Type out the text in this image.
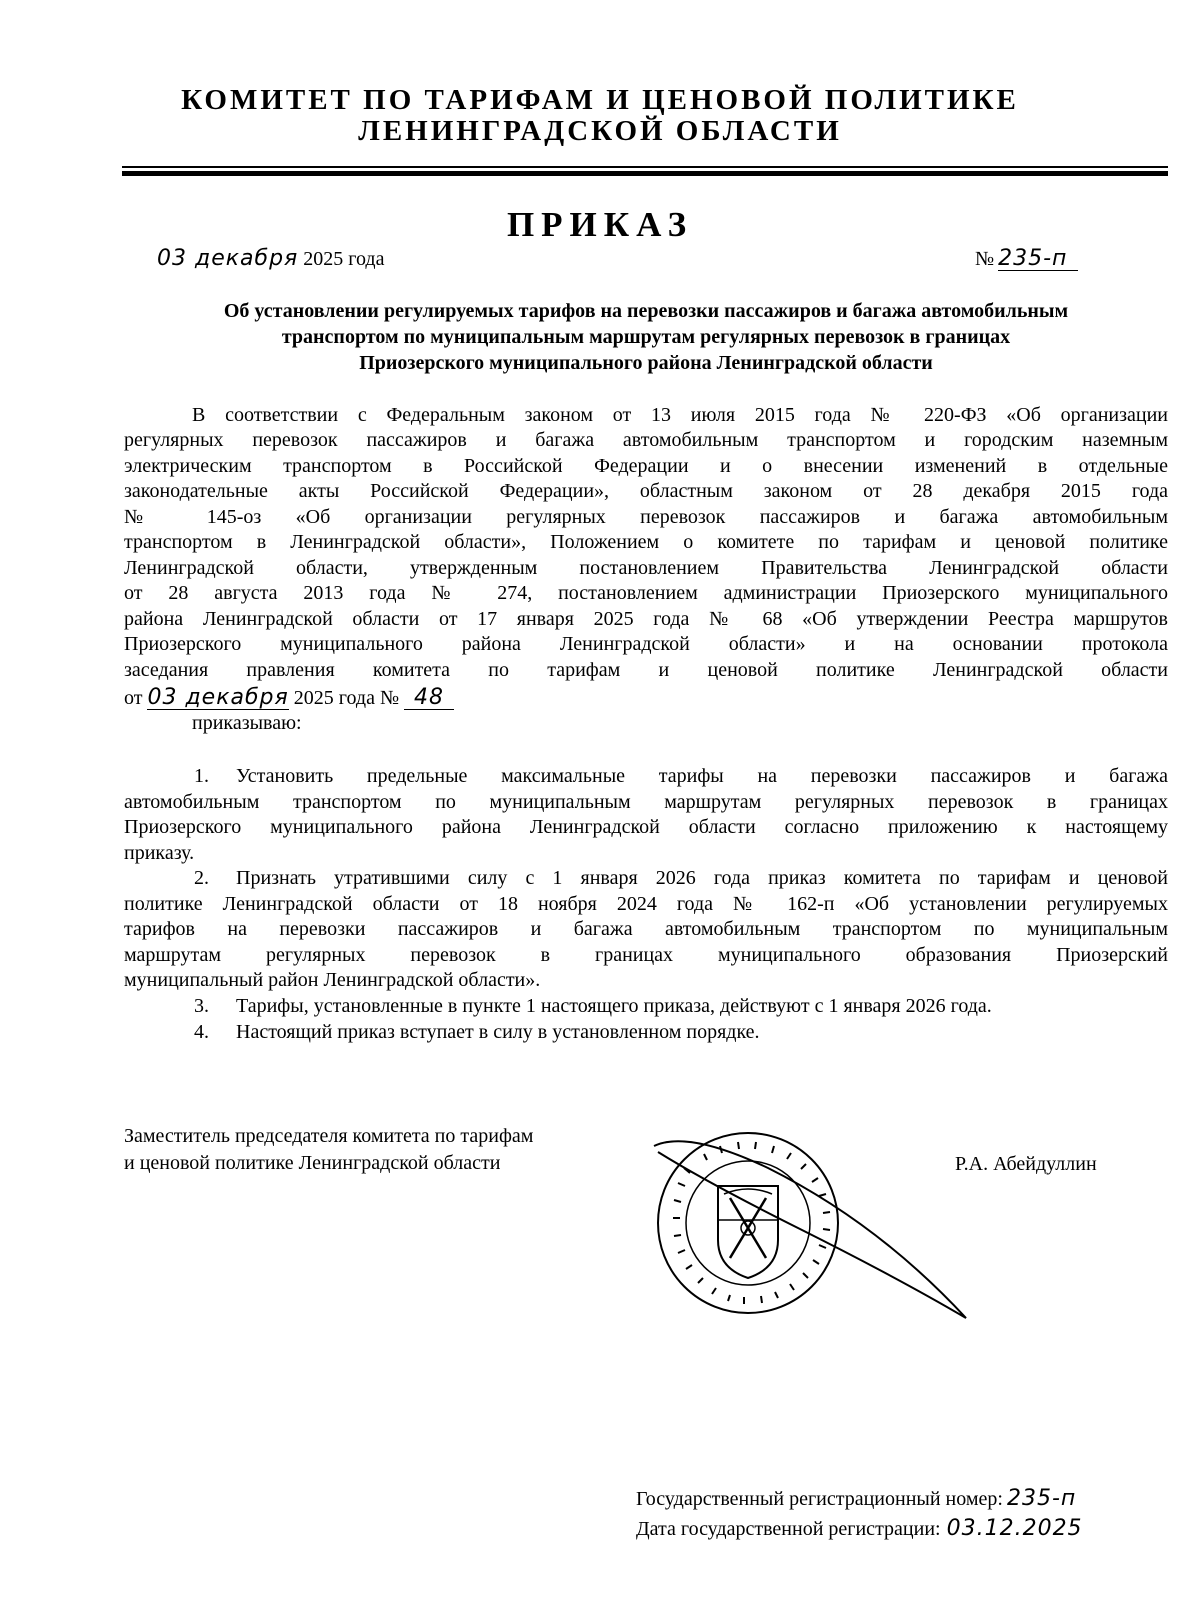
КОМИТЕТ ПО ТАРИФАМ И ЦЕНОВОЙ ПОЛИТИКЕ
ЛЕНИНГРАДСКОЙ ОБЛАСТИ
ПРИКАЗ
03 декабря 2025 года	№ 235-п
Об установлении регулируемых тарифов на перевозки пассажиров и багажа автомобильным
транспортом по муниципальным маршрутам регулярных перевозок в границах
Приозерского муниципального района Ленинградской области
В соответствии с Федеральным законом от 13 июля 2015 года № 220-ФЗ «Об организации
регулярных перевозок пассажиров и багажа автомобильным транспортом и городским наземным
электрическим транспортом в Российской Федерации и о внесении изменений в отдельные
законодательные акты Российской Федерации», областным законом от 28 декабря 2015 года
№ 145-оз «Об организации регулярных перевозок пассажиров и багажа автомобильным
транспортом в Ленинградской области», Положением о комитете по тарифам и ценовой политике
Ленинградской области, утвержденным постановлением Правительства Ленинградской области
от 28 августа 2013 года № 274, постановлением администрации Приозерского муниципального
района Ленинградской области от 17 января 2025 года № 68 «Об утверждении Реестра маршрутов
Приозерского муниципального района Ленинградской области» и на основании протокола
заседания правления комитета по тарифам и ценовой политике Ленинградской области
от 03 декабря 2025 года № 48
приказываю:
1. Установить предельные максимальные тарифы на перевозки пассажиров и багажа
автомобильным транспортом по муниципальным маршрутам регулярных перевозок в границах
Приозерского муниципального района Ленинградской области согласно приложению к настоящему
приказу.
2. Признать утратившими силу с 1 января 2026 года приказ комитета по тарифам и ценовой
политике Ленинградской области от 18 ноября 2024 года № 162-п «Об установлении регулируемых
тарифов на перевозки пассажиров и багажа автомобильным транспортом по муниципальным
маршрутам регулярных перевозок в границах муниципального образования Приозерский
муниципальный район Ленинградской области».
3. Тарифы, установленные в пункте 1 настоящего приказа, действуют с 1 января 2026 года.
4. Настоящий приказ вступает в силу в установленном порядке.
Заместитель председателя комитета по тарифам
и ценовой политике Ленинградской области	Р.А. Абейдуллин
Государственный регистрационный номер: 235-п
Дата государственной регистрации: 03.12.2025
